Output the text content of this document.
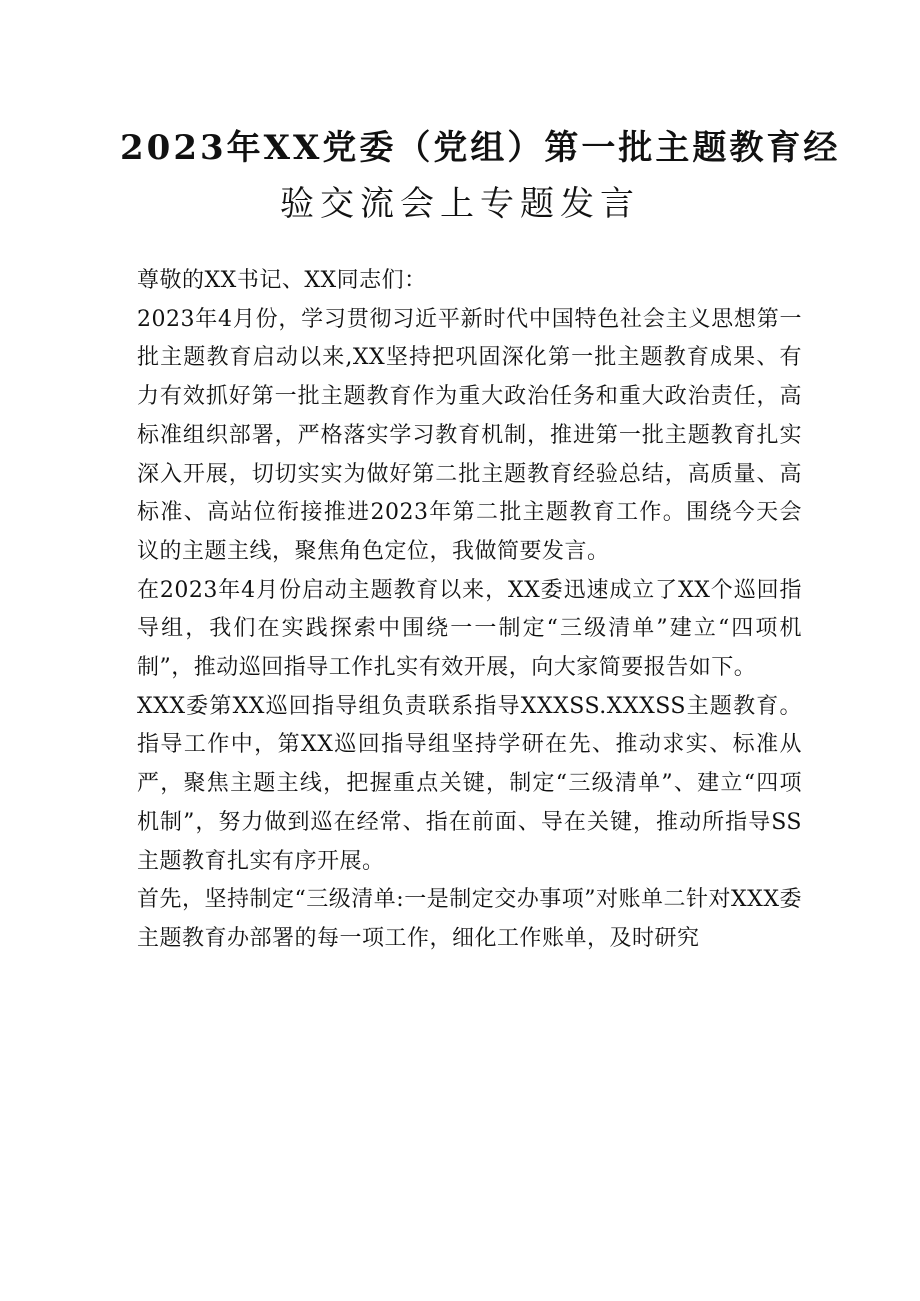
2023年XX党委（党组）第一批主题教育经
验交流会上专题发言

尊敬的XX书记、XX同志们：

2023年4月份，学习贯彻习近平新时代中国特色社会主义思想第一批主题教育启动以来,XX坚持把巩固深化第一批主题教育成果、有力有效抓好第一批主题教育作为重大政治任务和重大政治责任，高标准组织部署，严格落实学习教育机制，推进第一批主题教育扎实深入开展，切切实实为做好第二批主题教育经验总结，高质量、高标准、高站位衔接推进2023年第二批主题教育工作。围绕今天会议的主题主线，聚焦角色定位，我做简要发言。

在2023年4月份启动主题教育以来，XX委迅速成立了XX个巡回指导组，我们在实践探索中围绕一一制定“三级清单”建立“四项机制”，推动巡回指导工作扎实有效开展，向大家简要报告如下。

XXX委第XX巡回指导组负责联系指导XXXSS.XXXSS主题教育。指导工作中，第XX巡回指导组坚持学研在先、推动求实、标准从严，聚焦主题主线，把握重点关键，制定“三级清单”、建立“四项机制”，努力做到巡在经常、指在前面、导在关键，推动所指导SS主题教育扎实有序开展。

首先，坚持制定“三级清单:一是制定交办事项”对账单二针对XXX委主题教育办部署的每一项工作，细化工作账单，及时研究
